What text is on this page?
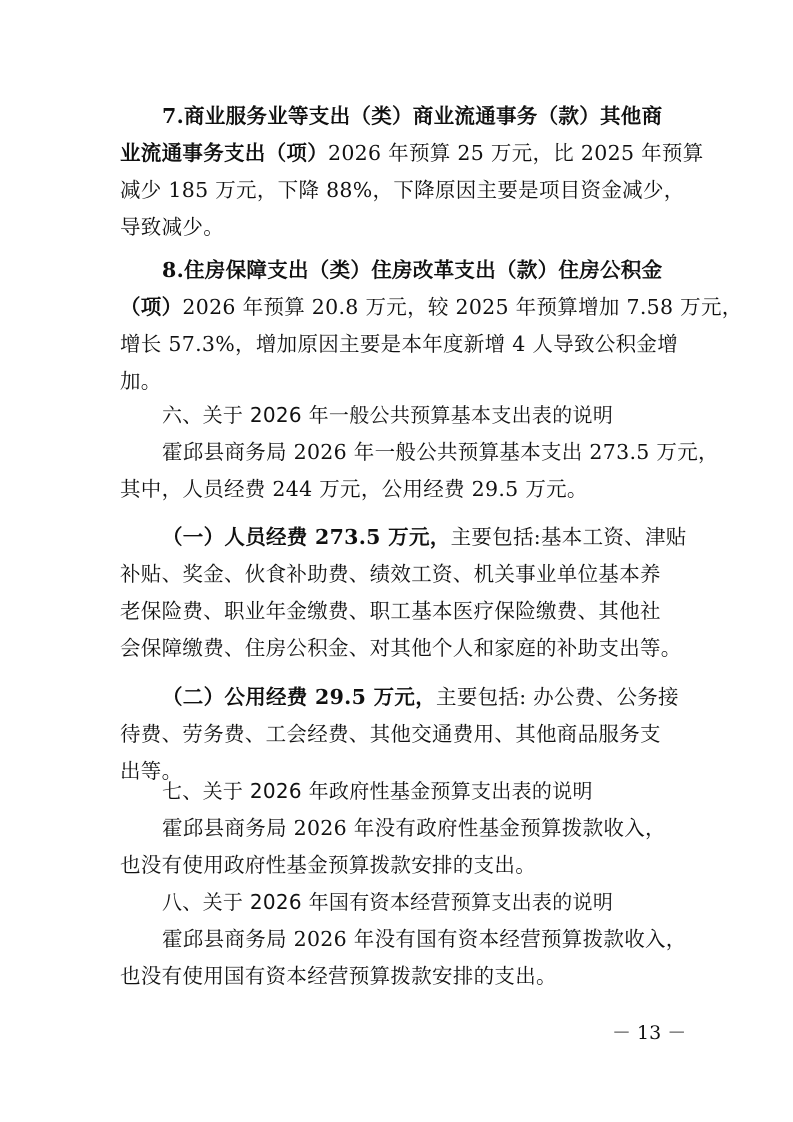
7.商业服务业等支出（类）商业流通事务（款）其他商
业流通事务支出（项）2026 年预算 25 万元，比 2025 年预算
减少 185 万元，下降 88%，下降原因主要是项目资金减少，
导致减少。
8.住房保障支出（类）住房改革支出（款）住房公积金
（项）2026 年预算 20.8 万元，较 2025 年预算增加 7.58 万元，
增长 57.3%，增加原因主要是本年度新增 4 人导致公积金增
加。
六、关于 2026 年一般公共预算基本支出表的说明
霍邱县商务局 2026 年一般公共预算基本支出 273.5 万元，
其中，人员经费 244 万元，公用经费 29.5 万元。
（一）人员经费 273.5 万元，主要包括:基本工资、津贴
补贴、奖金、伙食补助费、绩效工资、机关事业单位基本养
老保险费、职业年金缴费、职工基本医疗保险缴费、其他社
会保障缴费、住房公积金、对其他个人和家庭的补助支出等。
（二）公用经费 29.5 万元，主要包括: 办公费、公务接
待费、劳务费、工会经费、其他交通费用、其他商品服务支
出等。
七、关于 2026 年政府性基金预算支出表的说明
霍邱县商务局 2026 年没有政府性基金预算拨款收入，
也没有使用政府性基金预算拨款安排的支出。
八、关于 2026 年国有资本经营预算支出表的说明
霍邱县商务局 2026 年没有国有资本经营预算拨款收入，
也没有使用国有资本经营预算拨款安排的支出。
－ 13 －
